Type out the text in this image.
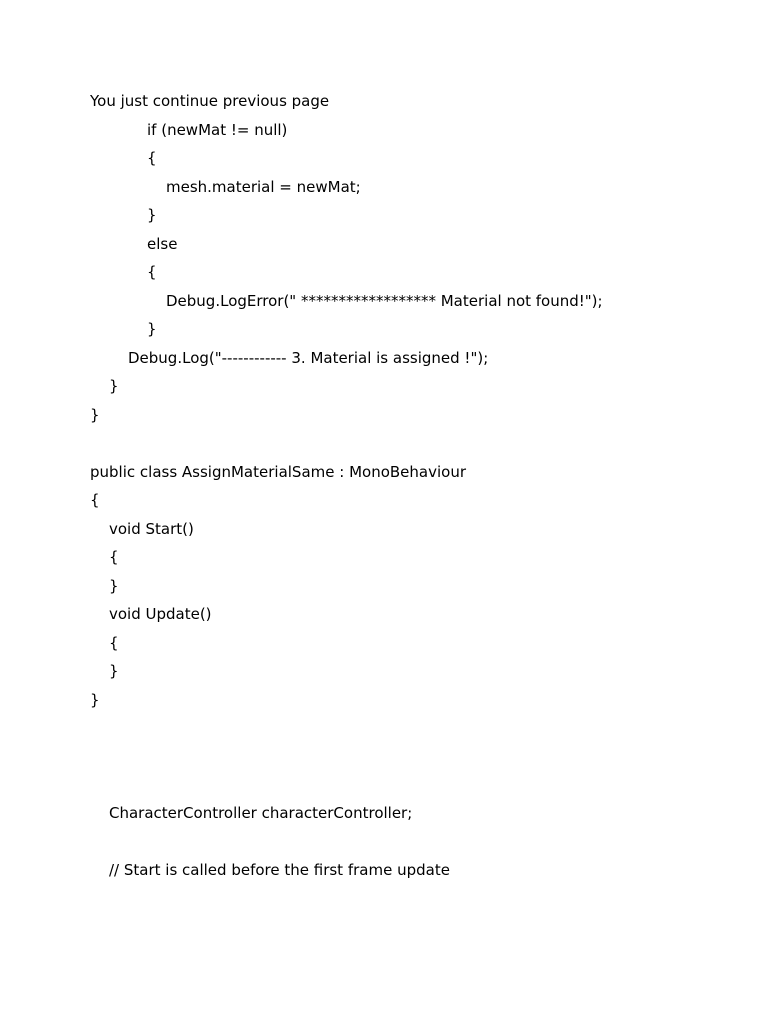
You just continue previous page
if (newMat != null)
{
mesh.material = newMat;
}
else
{
Debug.LogError(" ****************** Material not found!");
}
Debug.Log("------------ 3. Material is assigned !");
}
}
public class AssignMaterialSame : MonoBehaviour
{
void Start()
{
}
void Update()
{
}
}
CharacterController characterController;
// Start is called before the first frame update
